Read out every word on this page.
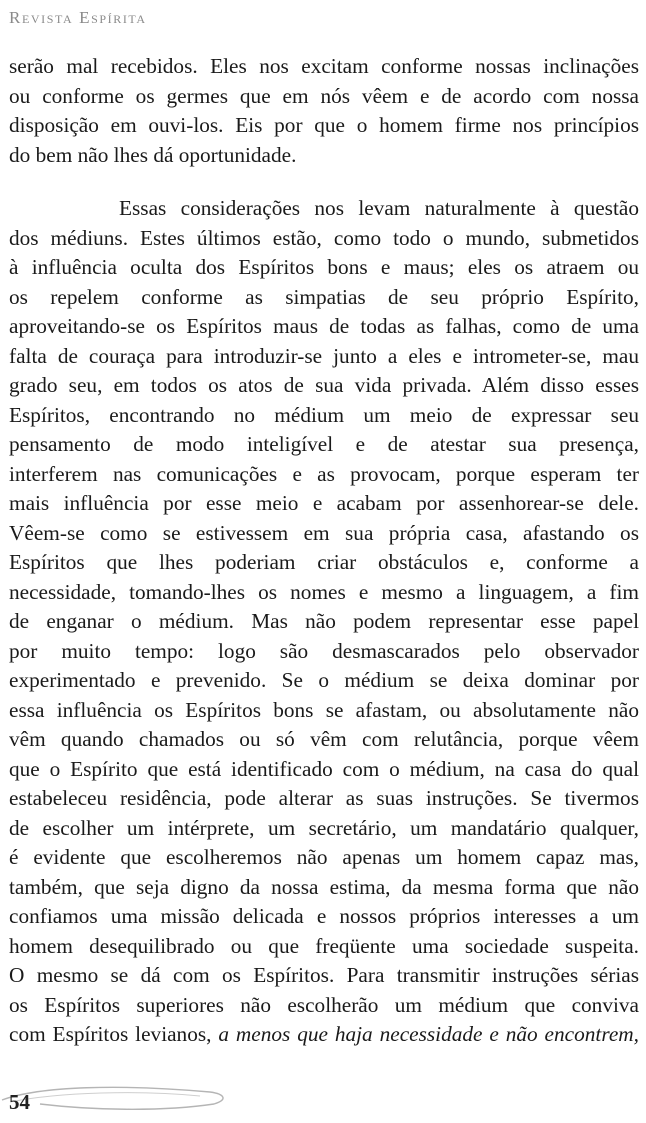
Revista Espírita
serão mal recebidos. Eles nos excitam conforme nossas inclinações
ou conforme os germes que em nós vêem e de acordo com nossa
disposição em ouvi-los. Eis por que o homem firme nos princípios
do bem não lhes dá oportunidade.
Essas considerações nos levam naturalmente à questão
dos médiuns. Estes últimos estão, como todo o mundo, submetidos
à influência oculta dos Espíritos bons e maus; eles os atraem ou
os repelem conforme as simpatias de seu próprio Espírito,
aproveitando-se os Espíritos maus de todas as falhas, como de uma
falta de couraça para introduzir-se junto a eles e intrometer-se, mau
grado seu, em todos os atos de sua vida privada. Além disso esses
Espíritos, encontrando no médium um meio de expressar seu
pensamento de modo inteligível e de atestar sua presença,
interferem nas comunicações e as provocam, porque esperam ter
mais influência por esse meio e acabam por assenhorear-se dele.
Vêem-se como se estivessem em sua própria casa, afastando os
Espíritos que lhes poderiam criar obstáculos e, conforme a
necessidade, tomando-lhes os nomes e mesmo a linguagem, a fim
de enganar o médium. Mas não podem representar esse papel
por muito tempo: logo são desmascarados pelo observador
experimentado e prevenido. Se o médium se deixa dominar por
essa influência os Espíritos bons se afastam, ou absolutamente não
vêm quando chamados ou só vêm com relutância, porque vêem
que o Espírito que está identificado com o médium, na casa do qual
estabeleceu residência, pode alterar as suas instruções. Se tivermos
de escolher um intérprete, um secretário, um mandatário qualquer,
é evidente que escolheremos não apenas um homem capaz mas,
também, que seja digno da nossa estima, da mesma forma que não
confiamos uma missão delicada e nossos próprios interesses a um
homem desequilibrado ou que freqüente uma sociedade suspeita.
O mesmo se dá com os Espíritos. Para transmitir instruções sérias
os Espíritos superiores não escolherão um médium que conviva
com Espíritos levianos, a menos que haja necessidade e não encontrem,
54
